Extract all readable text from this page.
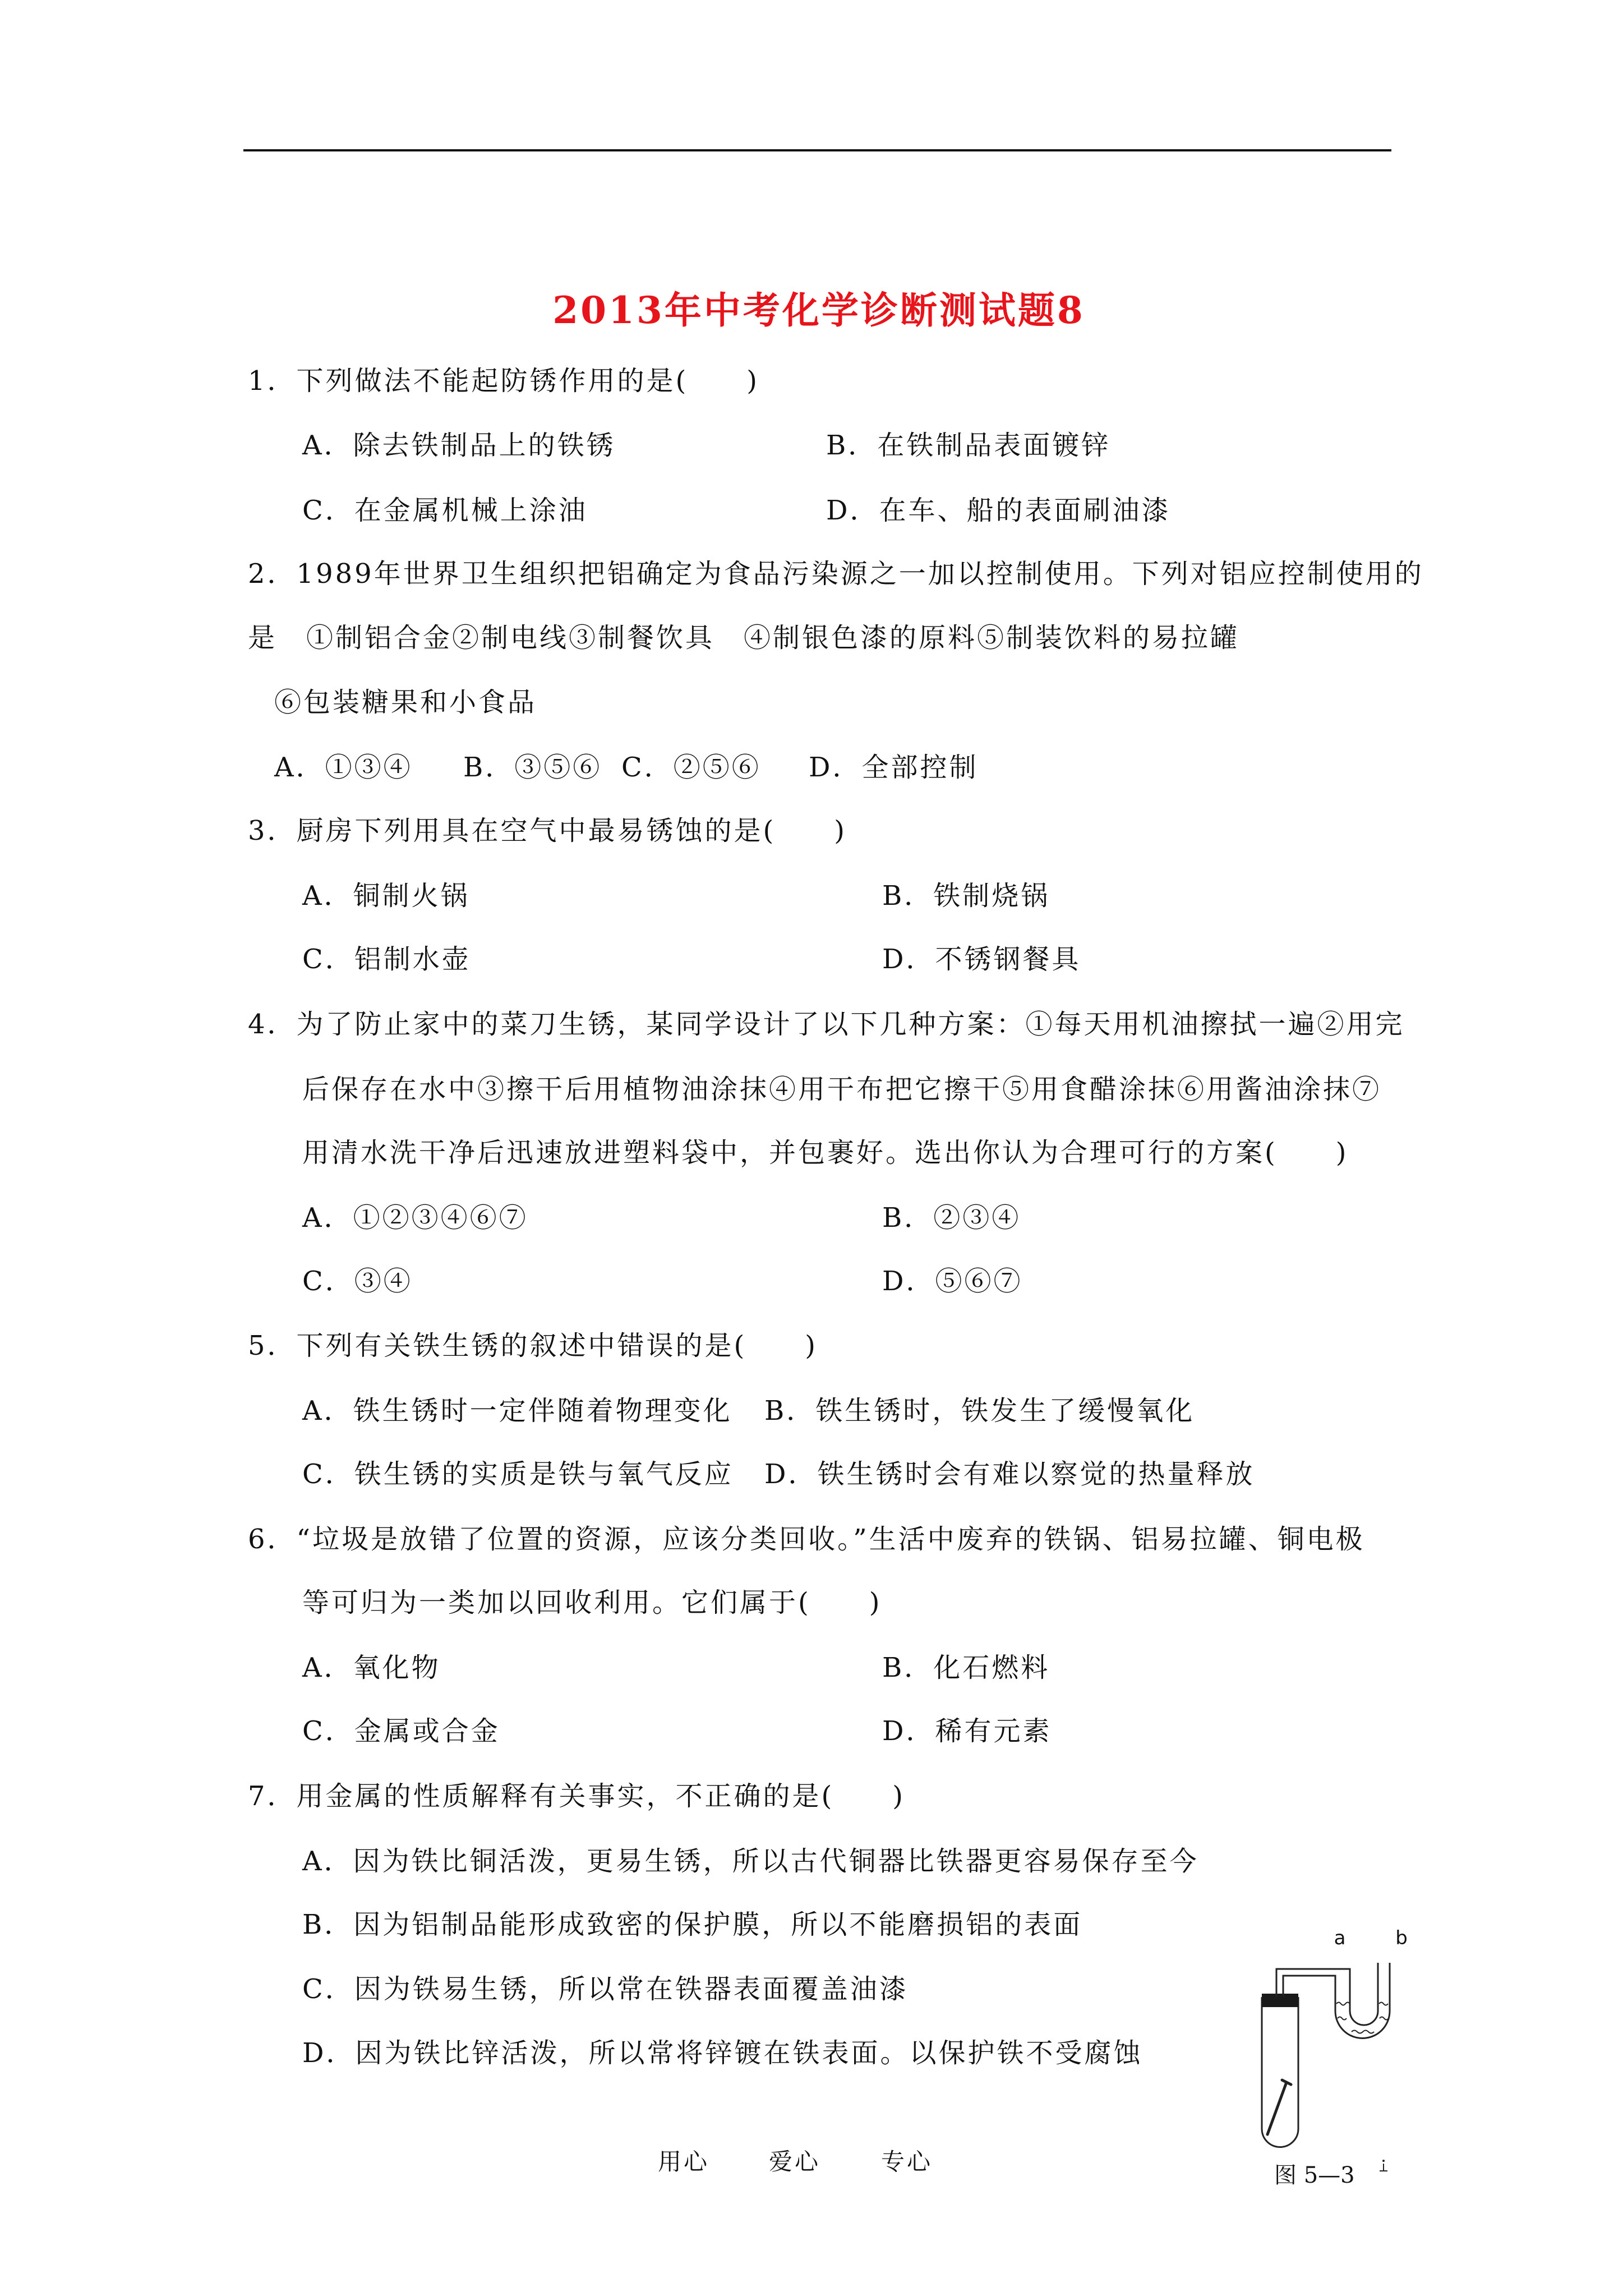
2013年中考化学诊断测试题8
1．下列做法不能起防锈作用的是(　　)
A．除去铁制品上的铁锈	B．在铁制品表面镀锌
C．在金属机械上涂油	D．在车、船的表面刷油漆
2．1989年世界卫生组织把铝确定为食品污染源之一加以控制使用。下列对铝应控制使用的
是　①制铝合金②制电线③制餐饮具　④制银色漆的原料⑤制装饮料的易拉罐
⑥包装糖果和小食品
A．①③④ B．③⑤⑥ C．②⑤⑥ D．全部控制
3．厨房下列用具在空气中最易锈蚀的是(　　)
A．铜制火锅	B．铁制烧锅
C．铝制水壶	D．不锈钢餐具
4．为了防止家中的菜刀生锈，某同学设计了以下几种方案：①每天用机油擦拭一遍②用完
后保存在水中③擦干后用植物油涂抹④用干布把它擦干⑤用食醋涂抹⑥用酱油涂抹⑦
用清水洗干净后迅速放进塑料袋中，并包裹好。选出你认为合理可行的方案(　　)
A．①②③④⑥⑦	B．②③④
C．③④	D．⑤⑥⑦
5．下列有关铁生锈的叙述中错误的是(　　)
A．铁生锈时一定伴随着物理变化 B．铁生锈时，铁发生了缓慢氧化
C．铁生锈的实质是铁与氧气反应 D．铁生锈时会有难以察觉的热量释放
6．“垃圾是放错了位置的资源，应该分类回收。”生活中废弃的铁锅、铝易拉罐、铜电极
等可归为一类加以回收利用。它们属于(　　)
A．氧化物	B．化石燃料
C．金属或合金	D．稀有元素
7．用金属的性质解释有关事实，不正确的是(　　)
A．因为铁比铜活泼，更易生锈，所以古代铜器比铁器更容易保存至今
B．因为铝制品能形成致密的保护膜，所以不能磨损铝的表面
C．因为铁易生锈，所以常在铁器表面覆盖油漆
D．因为铁比锌活泼，所以常将锌镀在铁表面。以保护铁不受腐蚀
a	b
图 5—3
用心	爱心	专心
